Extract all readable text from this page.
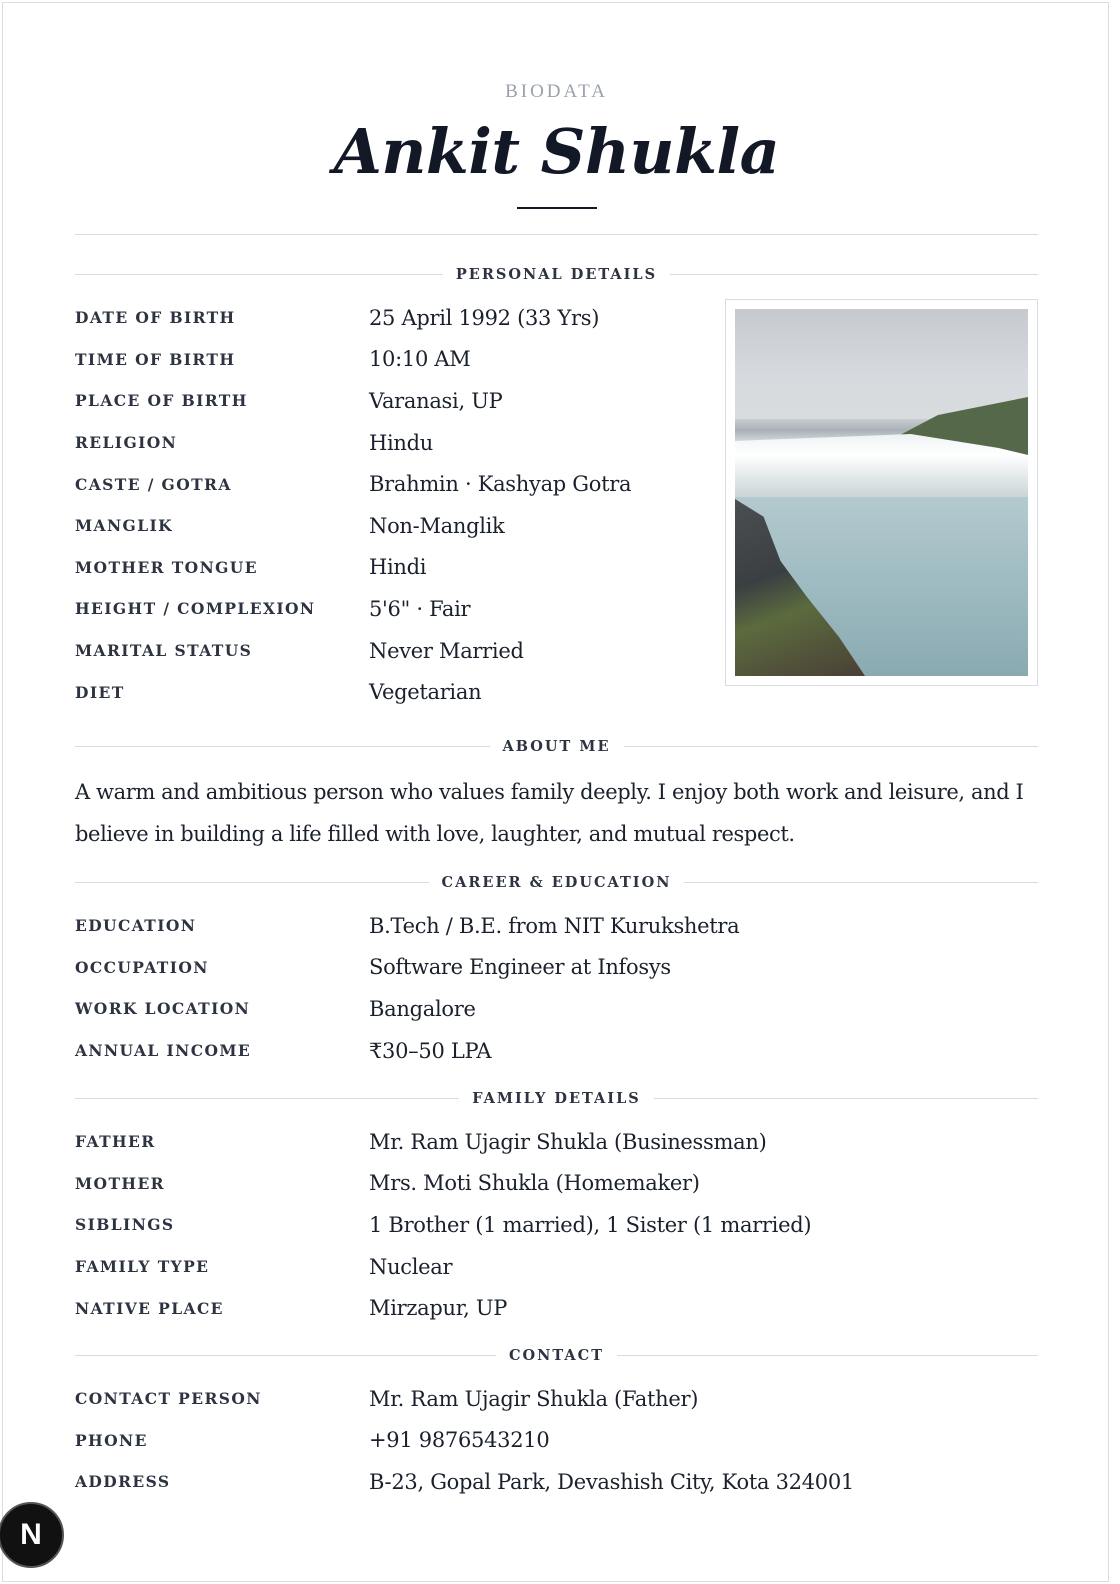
BIODATA
Ankit Shukla
PERSONAL DETAILS
DATE OF BIRTH	25 April 1992 (33 Yrs)
TIME OF BIRTH	10:10 AM
PLACE OF BIRTH	Varanasi, UP
RELIGION	Hindu
CASTE / GOTRA	Brahmin · Kashyap Gotra
MANGLIK	Non-Manglik
MOTHER TONGUE	Hindi
HEIGHT / COMPLEXION	5'6" · Fair
MARITAL STATUS	Never Married
DIET	Vegetarian
ABOUT ME
A warm and ambitious person who values family deeply. I enjoy both work and leisure, and I believe in building a life filled with love, laughter, and mutual respect.
CAREER & EDUCATION
EDUCATION	B.Tech / B.E. from NIT Kurukshetra
OCCUPATION	Software Engineer at Infosys
WORK LOCATION	Bangalore
ANNUAL INCOME	₹30–50 LPA
FAMILY DETAILS
FATHER	Mr. Ram Ujagir Shukla (Businessman)
MOTHER	Mrs. Moti Shukla (Homemaker)
SIBLINGS	1 Brother (1 married), 1 Sister (1 married)
FAMILY TYPE	Nuclear
NATIVE PLACE	Mirzapur, UP
CONTACT
CONTACT PERSON	Mr. Ram Ujagir Shukla (Father)
PHONE	+91 9876543210
ADDRESS	B-23, Gopal Park, Devashish City, Kota 324001
N
